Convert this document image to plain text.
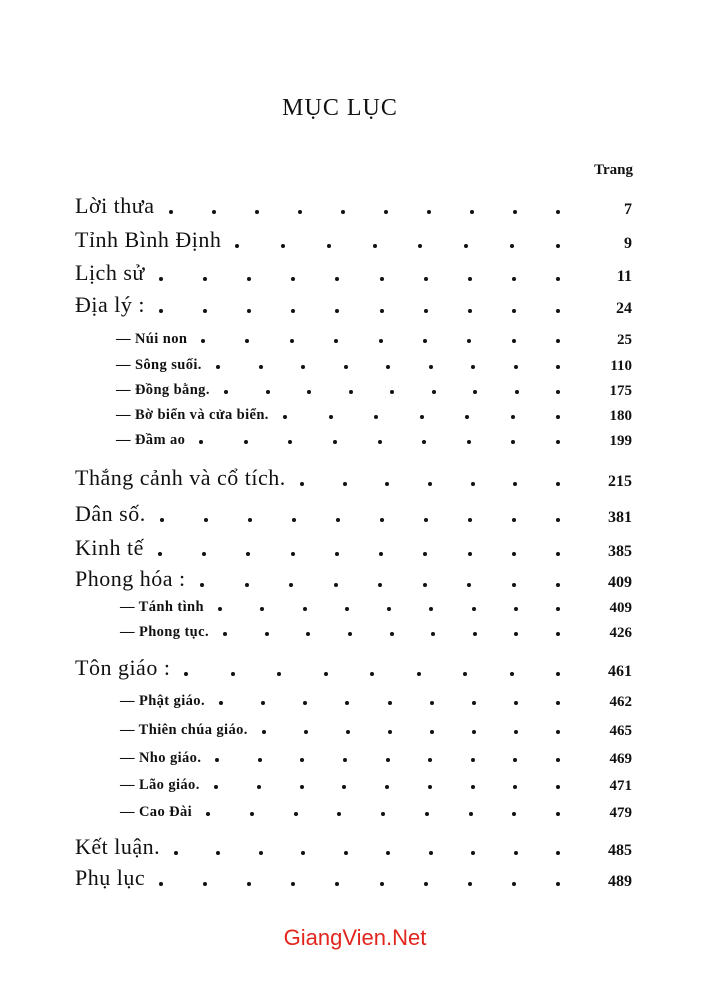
MỤC LỤC
Trang
Lời thưa	7
Tỉnh Bình Định	9
Lịch sử	11
Địa lý :	24
— Núi non	25
— Sông suối.	110
— Đồng bằng.	175
— Bờ biển và cửa biển.	180
— Đầm ao	199
Thắng cảnh và cổ tích.	215
Dân số.	381
Kinh tế	385
Phong hóa :	409
— Tánh tình	409
— Phong tục.	426
Tôn giáo :	461
— Phật giáo.	462
— Thiên chúa giáo.	465
— Nho giáo.	469
— Lão giáo.	471
— Cao Đài	479
Kết luận.	485
Phụ lục	489
GiangVien.Net
